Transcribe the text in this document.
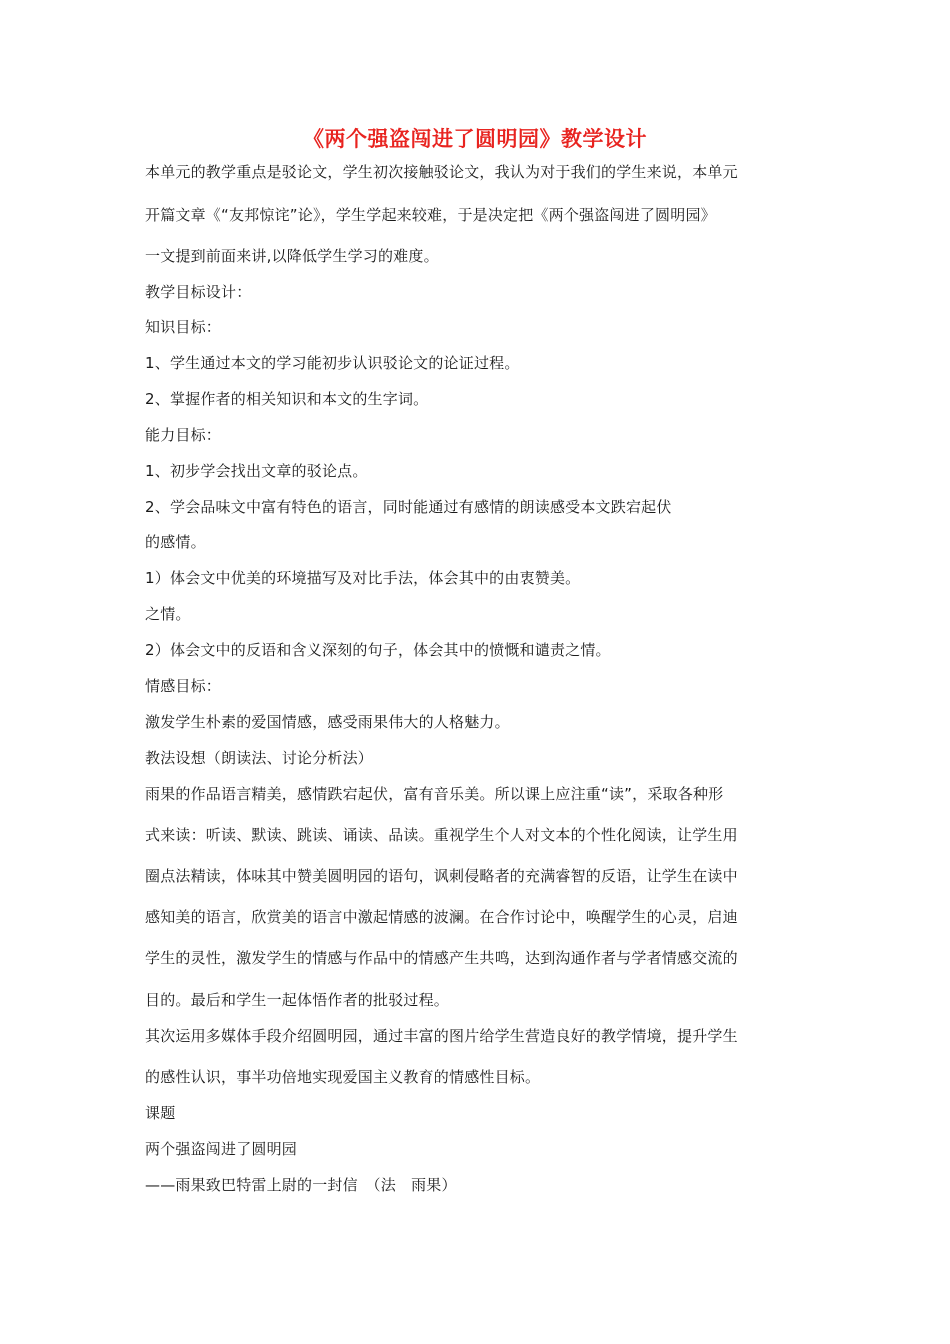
《两个强盗闯进了圆明园》教学设计
本单元的教学重点是驳论文，学生初次接触驳论文，我认为对于我们的学生来说，本单元
开篇文章《“友邦惊诧”论》，学生学起来较难，于是决定把《两个强盗闯进了圆明园》
一文提到前面来讲,以降低学生学习的难度。
教学目标设计：
知识目标：
1、学生通过本文的学习能初步认识驳论文的论证过程。
2、掌握作者的相关知识和本文的生字词。
能力目标：
1、初步学会找出文章的驳论点。
2、学会品味文中富有特色的语言，同时能通过有感情的朗读感受本文跌宕起伏
的感情。
1）体会文中优美的环境描写及对比手法，体会其中的由衷赞美。
之情。
2）体会文中的反语和含义深刻的句子，体会其中的愤慨和谴责之情。
情感目标：
激发学生朴素的爱国情感，感受雨果伟大的人格魅力。
教法设想（朗读法、讨论分析法）
雨果的作品语言精美，感情跌宕起伏，富有音乐美。所以课上应注重“读”，采取各种形
式来读：听读、默读、跳读、诵读、品读。重视学生个人对文本的个性化阅读，让学生用
圈点法精读，体味其中赞美圆明园的语句，讽刺侵略者的充满睿智的反语，让学生在读中
感知美的语言，欣赏美的语言中激起情感的波澜。在合作讨论中，唤醒学生的心灵，启迪
学生的灵性，激发学生的情感与作品中的情感产生共鸣，达到沟通作者与学者情感交流的
目的。最后和学生一起体悟作者的批驳过程。
其次运用多媒体手段介绍圆明园，通过丰富的图片给学生营造良好的教学情境，提升学生
的感性认识，事半功倍地实现爱国主义教育的情感性目标。
课题
两个强盗闯进了圆明园
——雨果致巴特雷上尉的一封信　（法　雨果）
